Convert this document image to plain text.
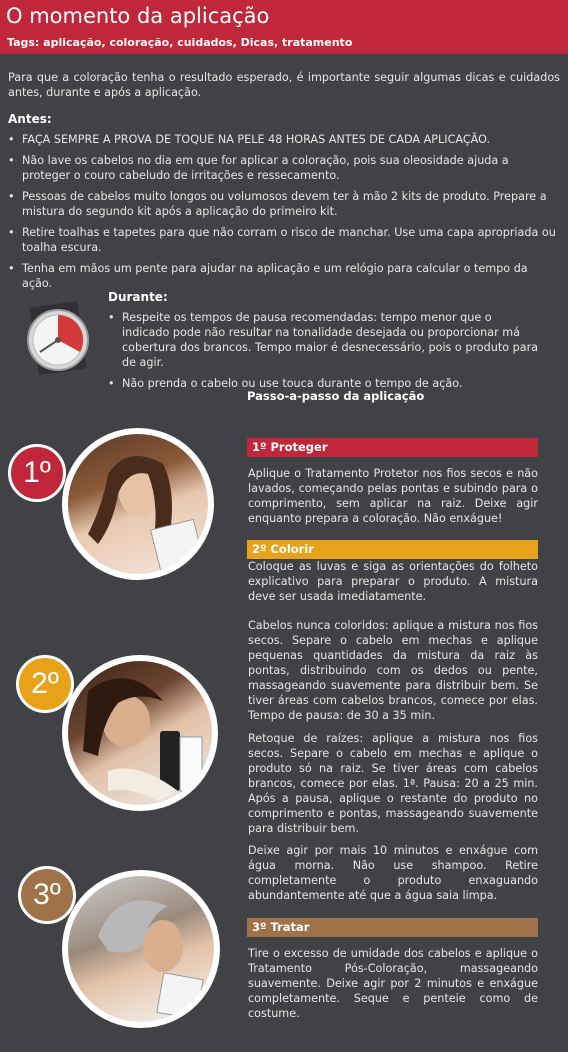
O momento da aplicação
Tags: aplicação, coloração, cuidados, Dicas, tratamento
Para que a coloração tenha o resultado esperado, é importante seguir algumas dicas e cuidados antes, durante e após a aplicação.
Antes:
• FAÇA SEMPRE A PROVA DE TOQUE NA PELE 48 HORAS ANTES DE CADA APLICAÇÃO.
• Não lave os cabelos no dia em que for aplicar a coloração, pois sua oleosidade ajuda a proteger o couro cabeludo de irritações e ressecamento.
• Pessoas de cabelos muito longos ou volumosos devem ter à mão 2 kits de produto. Prepare a mistura do segundo kit após a aplicação do primeiro kit.
• Retire toalhas e tapetes para que não corram o risco de manchar. Use uma capa apropriada ou toalha escura.
• Tenha em mãos um pente para ajudar na aplicação e um relógio para calcular o tempo da ação.
Durante:
• Respeite os tempos de pausa recomendadas: tempo menor que o indicado pode não resultar na tonalidade desejada ou proporcionar má cobertura dos brancos. Tempo maior é desnecessário, pois o produto para de agir.
• Não prenda o cabelo ou use touca durante o tempo de ação.
Passo-a-passo da aplicação
1º
1º Proteger
Aplique o Tratamento Protetor nos fios secos e não lavados, começando pelas pontas e subindo para o comprimento, sem aplicar na raiz. Deixe agir enquanto prepara a coloração. Não enxágue!
2º Colorir
Coloque as luvas e siga as orientações do folheto explicativo para preparar o produto. A mistura deve ser usada imediatamente.
Cabelos nunca coloridos: aplique a mistura nos fios secos. Separe o cabelo em mechas e aplique pequenas quantidades da mistura da raiz às pontas, distribuindo com os dedos ou pente, massageando suavemente para distribuir bem. Se tiver áreas com cabelos brancos, comece por elas. Tempo de pausa: de 30 a 35 min.
Retoque de raízes: aplique a mistura nos fios secos. Separe o cabelo em mechas e aplique o produto só na raiz. Se tiver áreas com cabelos brancos, comece por elas. 1ª. Pausa: 20 a 25 min. Após a pausa, aplique o restante do produto no comprimento e pontas, massageando suavemente para distribuir bem.
Deixe agir por mais 10 minutos e enxágue com água morna. Não use shampoo. Retire completamente o produto enxaguando abundantemente até que a água saia limpa.
2º
3º
3º Tratar
Tire o excesso de umidade dos cabelos e aplique o Tratamento Pós-Coloração, massageando suavemente. Deixe agir por 2 minutos e enxágue completamente. Seque e penteie como de costume.
